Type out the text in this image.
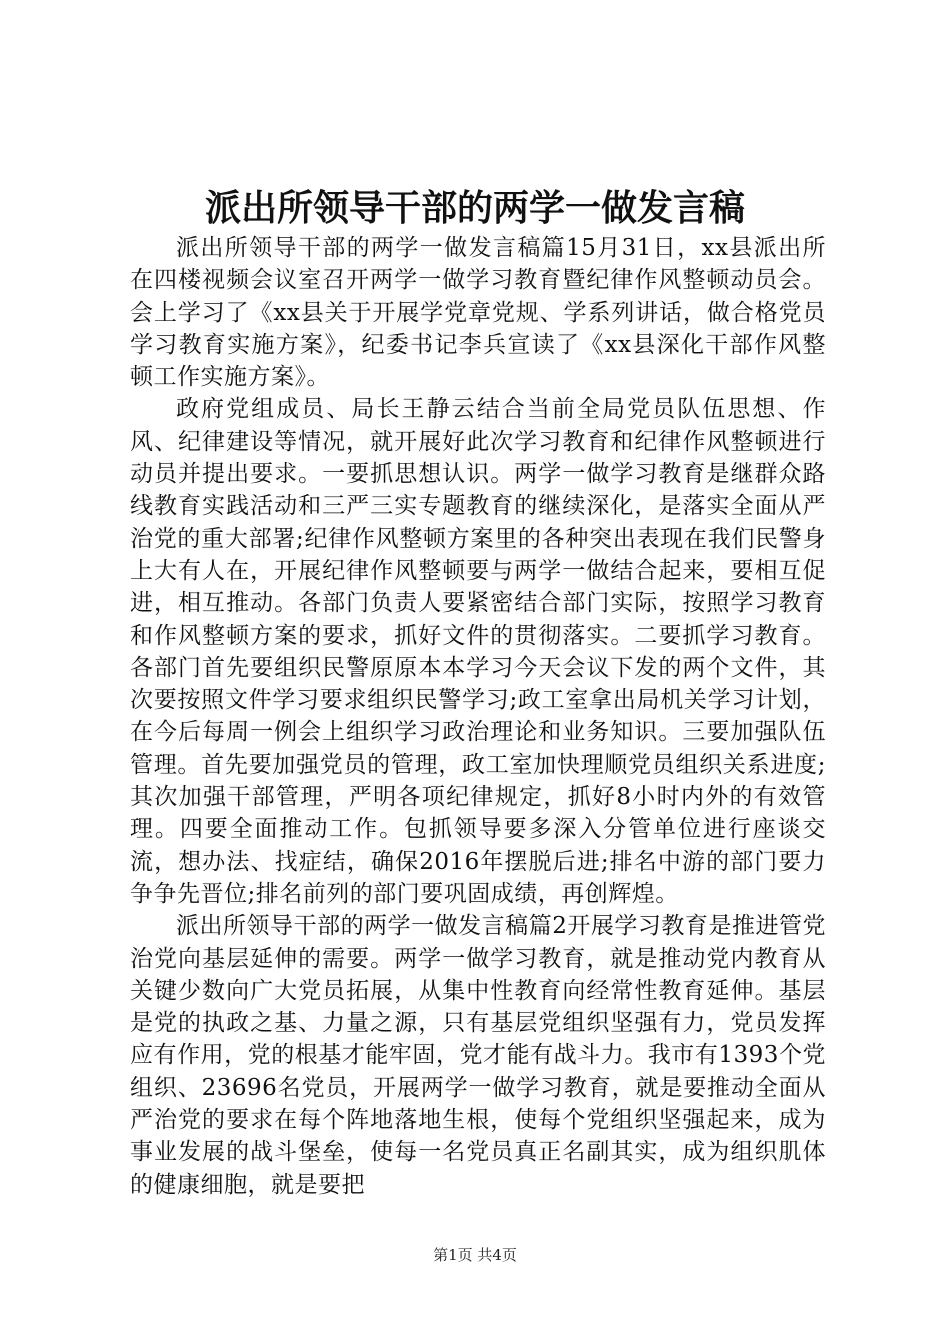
派出所领导干部的两学一做发言稿

派出所领导干部的两学一做发言稿篇15月31日，xx县派出所在四楼视频会议室召开两学一做学习教育暨纪律作风整顿动员会。会上学习了《xx县关于开展学党章党规、学系列讲话，做合格党员学习教育实施方案》，纪委书记李兵宣读了《xx县深化干部作风整顿工作实施方案》。

政府党组成员、局长王静云结合当前全局党员队伍思想、作风、纪律建设等情况，就开展好此次学习教育和纪律作风整顿进行动员并提出要求。一要抓思想认识。两学一做学习教育是继群众路线教育实践活动和三严三实专题教育的继续深化，是落实全面从严治党的重大部署;纪律作风整顿方案里的各种突出表现在我们民警身上大有人在，开展纪律作风整顿要与两学一做结合起来，要相互促进，相互推动。各部门负责人要紧密结合部门实际，按照学习教育和作风整顿方案的要求，抓好文件的贯彻落实。二要抓学习教育。各部门首先要组织民警原原本本学习今天会议下发的两个文件，其次要按照文件学习要求组织民警学习;政工室拿出局机关学习计划，在今后每周一例会上组织学习政治理论和业务知识。三要加强队伍管理。首先要加强党员的管理，政工室加快理顺党员组织关系进度;其次加强干部管理，严明各项纪律规定，抓好8小时内外的有效管理。四要全面推动工作。包抓领导要多深入分管单位进行座谈交流，想办法、找症结，确保2016年摆脱后进;排名中游的部门要力争争先晋位;排名前列的部门要巩固成绩，再创辉煌。

派出所领导干部的两学一做发言稿篇2开展学习教育是推进管党治党向基层延伸的需要。两学一做学习教育，就是推动党内教育从关键少数向广大党员拓展，从集中性教育向经常性教育延伸。基层是党的执政之基、力量之源，只有基层党组织坚强有力，党员发挥应有作用，党的根基才能牢固，党才能有战斗力。我市有1393个党组织、23696名党员，开展两学一做学习教育，就是要推动全面从严治党的要求在每个阵地落地生根，使每个党组织坚强起来，成为事业发展的战斗堡垒，使每一名党员真正名副其实，成为组织肌体的健康细胞，就是要把

第1页 共4页
